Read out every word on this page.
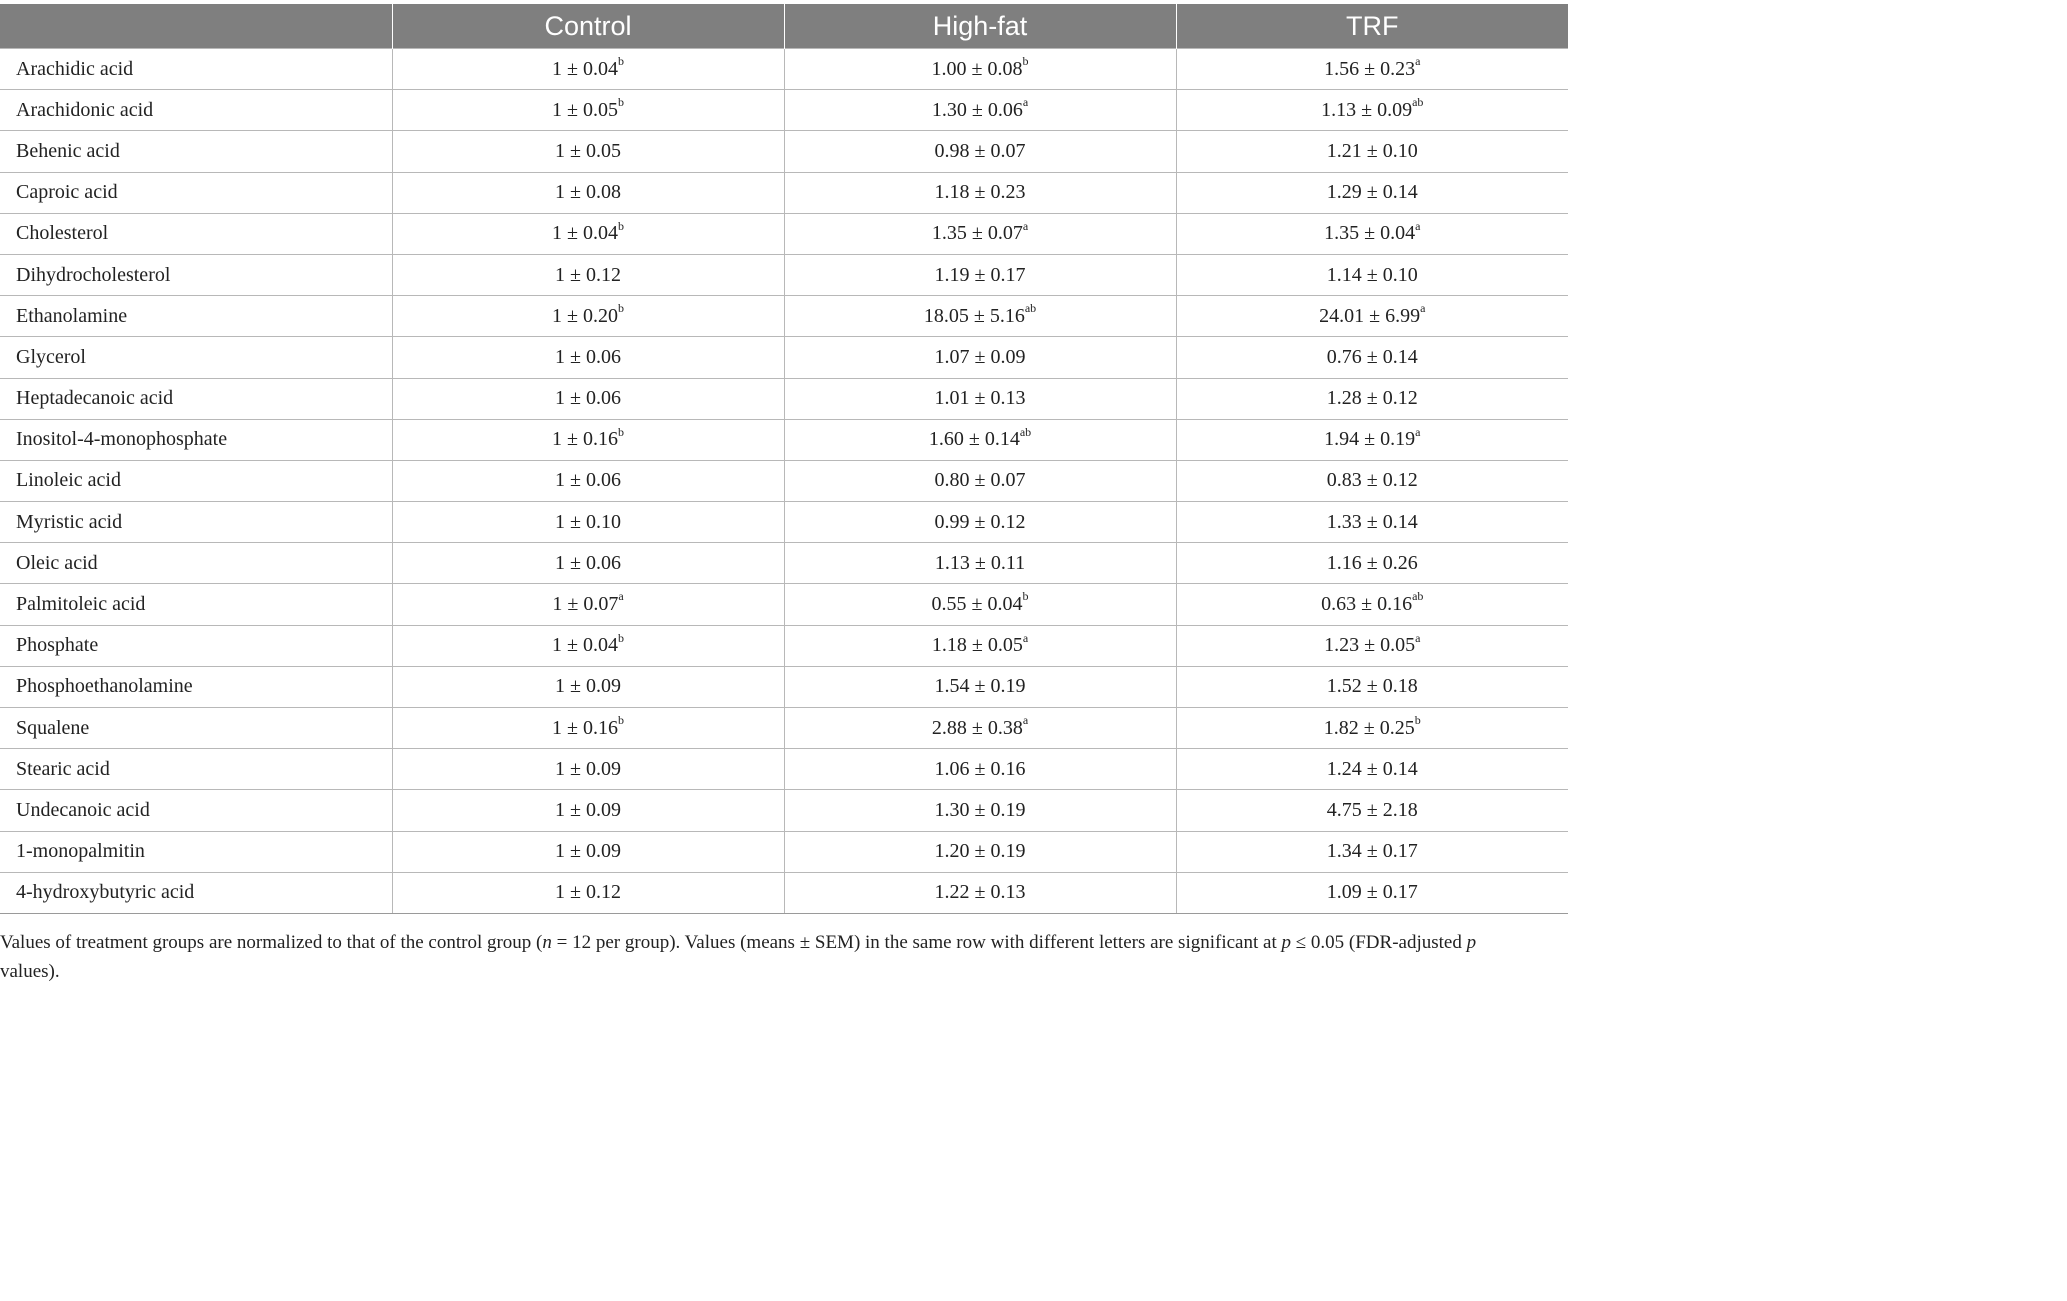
	Control	High-fat	TRF
Arachidic acid	1 ± 0.04$^b$	1.00 ± 0.08$^b$	1.56 ± 0.23$^a$
Arachidonic acid	1 ± 0.05$^b$	1.30 ± 0.06$^a$	1.13 ± 0.09$^{ab}$
Behenic acid	1 ± 0.05	0.98 ± 0.07	1.21 ± 0.10
Caproic acid	1 ± 0.08	1.18 ± 0.23	1.29 ± 0.14
Cholesterol	1 ± 0.04$^b$	1.35 ± 0.07$^a$	1.35 ± 0.04$^a$
Dihydrocholesterol	1 ± 0.12	1.19 ± 0.17	1.14 ± 0.10
Ethanolamine	1 ± 0.20$^b$	18.05 ± 5.16$^{ab}$	24.01 ± 6.99$^a$
Glycerol	1 ± 0.06	1.07 ± 0.09	0.76 ± 0.14
Heptadecanoic acid	1 ± 0.06	1.01 ± 0.13	1.28 ± 0.12
Inositol-4-monophosphate	1 ± 0.16$^b$	1.60 ± 0.14$^{ab}$	1.94 ± 0.19$^a$
Linoleic acid	1 ± 0.06	0.80 ± 0.07	0.83 ± 0.12
Myristic acid	1 ± 0.10	0.99 ± 0.12	1.33 ± 0.14
Oleic acid	1 ± 0.06	1.13 ± 0.11	1.16 ± 0.26
Palmitoleic acid	1 ± 0.07$^a$	0.55 ± 0.04$^b$	0.63 ± 0.16$^{ab}$
Phosphate	1 ± 0.04$^b$	1.18 ± 0.05$^a$	1.23 ± 0.05$^a$
Phosphoethanolamine	1 ± 0.09	1.54 ± 0.19	1.52 ± 0.18
Squalene	1 ± 0.16$^b$	2.88 ± 0.38$^a$	1.82 ± 0.25$^b$
Stearic acid	1 ± 0.09	1.06 ± 0.16	1.24 ± 0.14
Undecanoic acid	1 ± 0.09	1.30 ± 0.19	4.75 ± 2.18
1-monopalmitin	1 ± 0.09	1.20 ± 0.19	1.34 ± 0.17
4-hydroxybutyric acid	1 ± 0.12	1.22 ± 0.13	1.09 ± 0.17
Values of treatment groups are normalized to that of the control group (n = 12 per group). Values (means ± SEM) in the same row with different letters are significant at p ≤ 0.05 (FDR-adjusted p values).
